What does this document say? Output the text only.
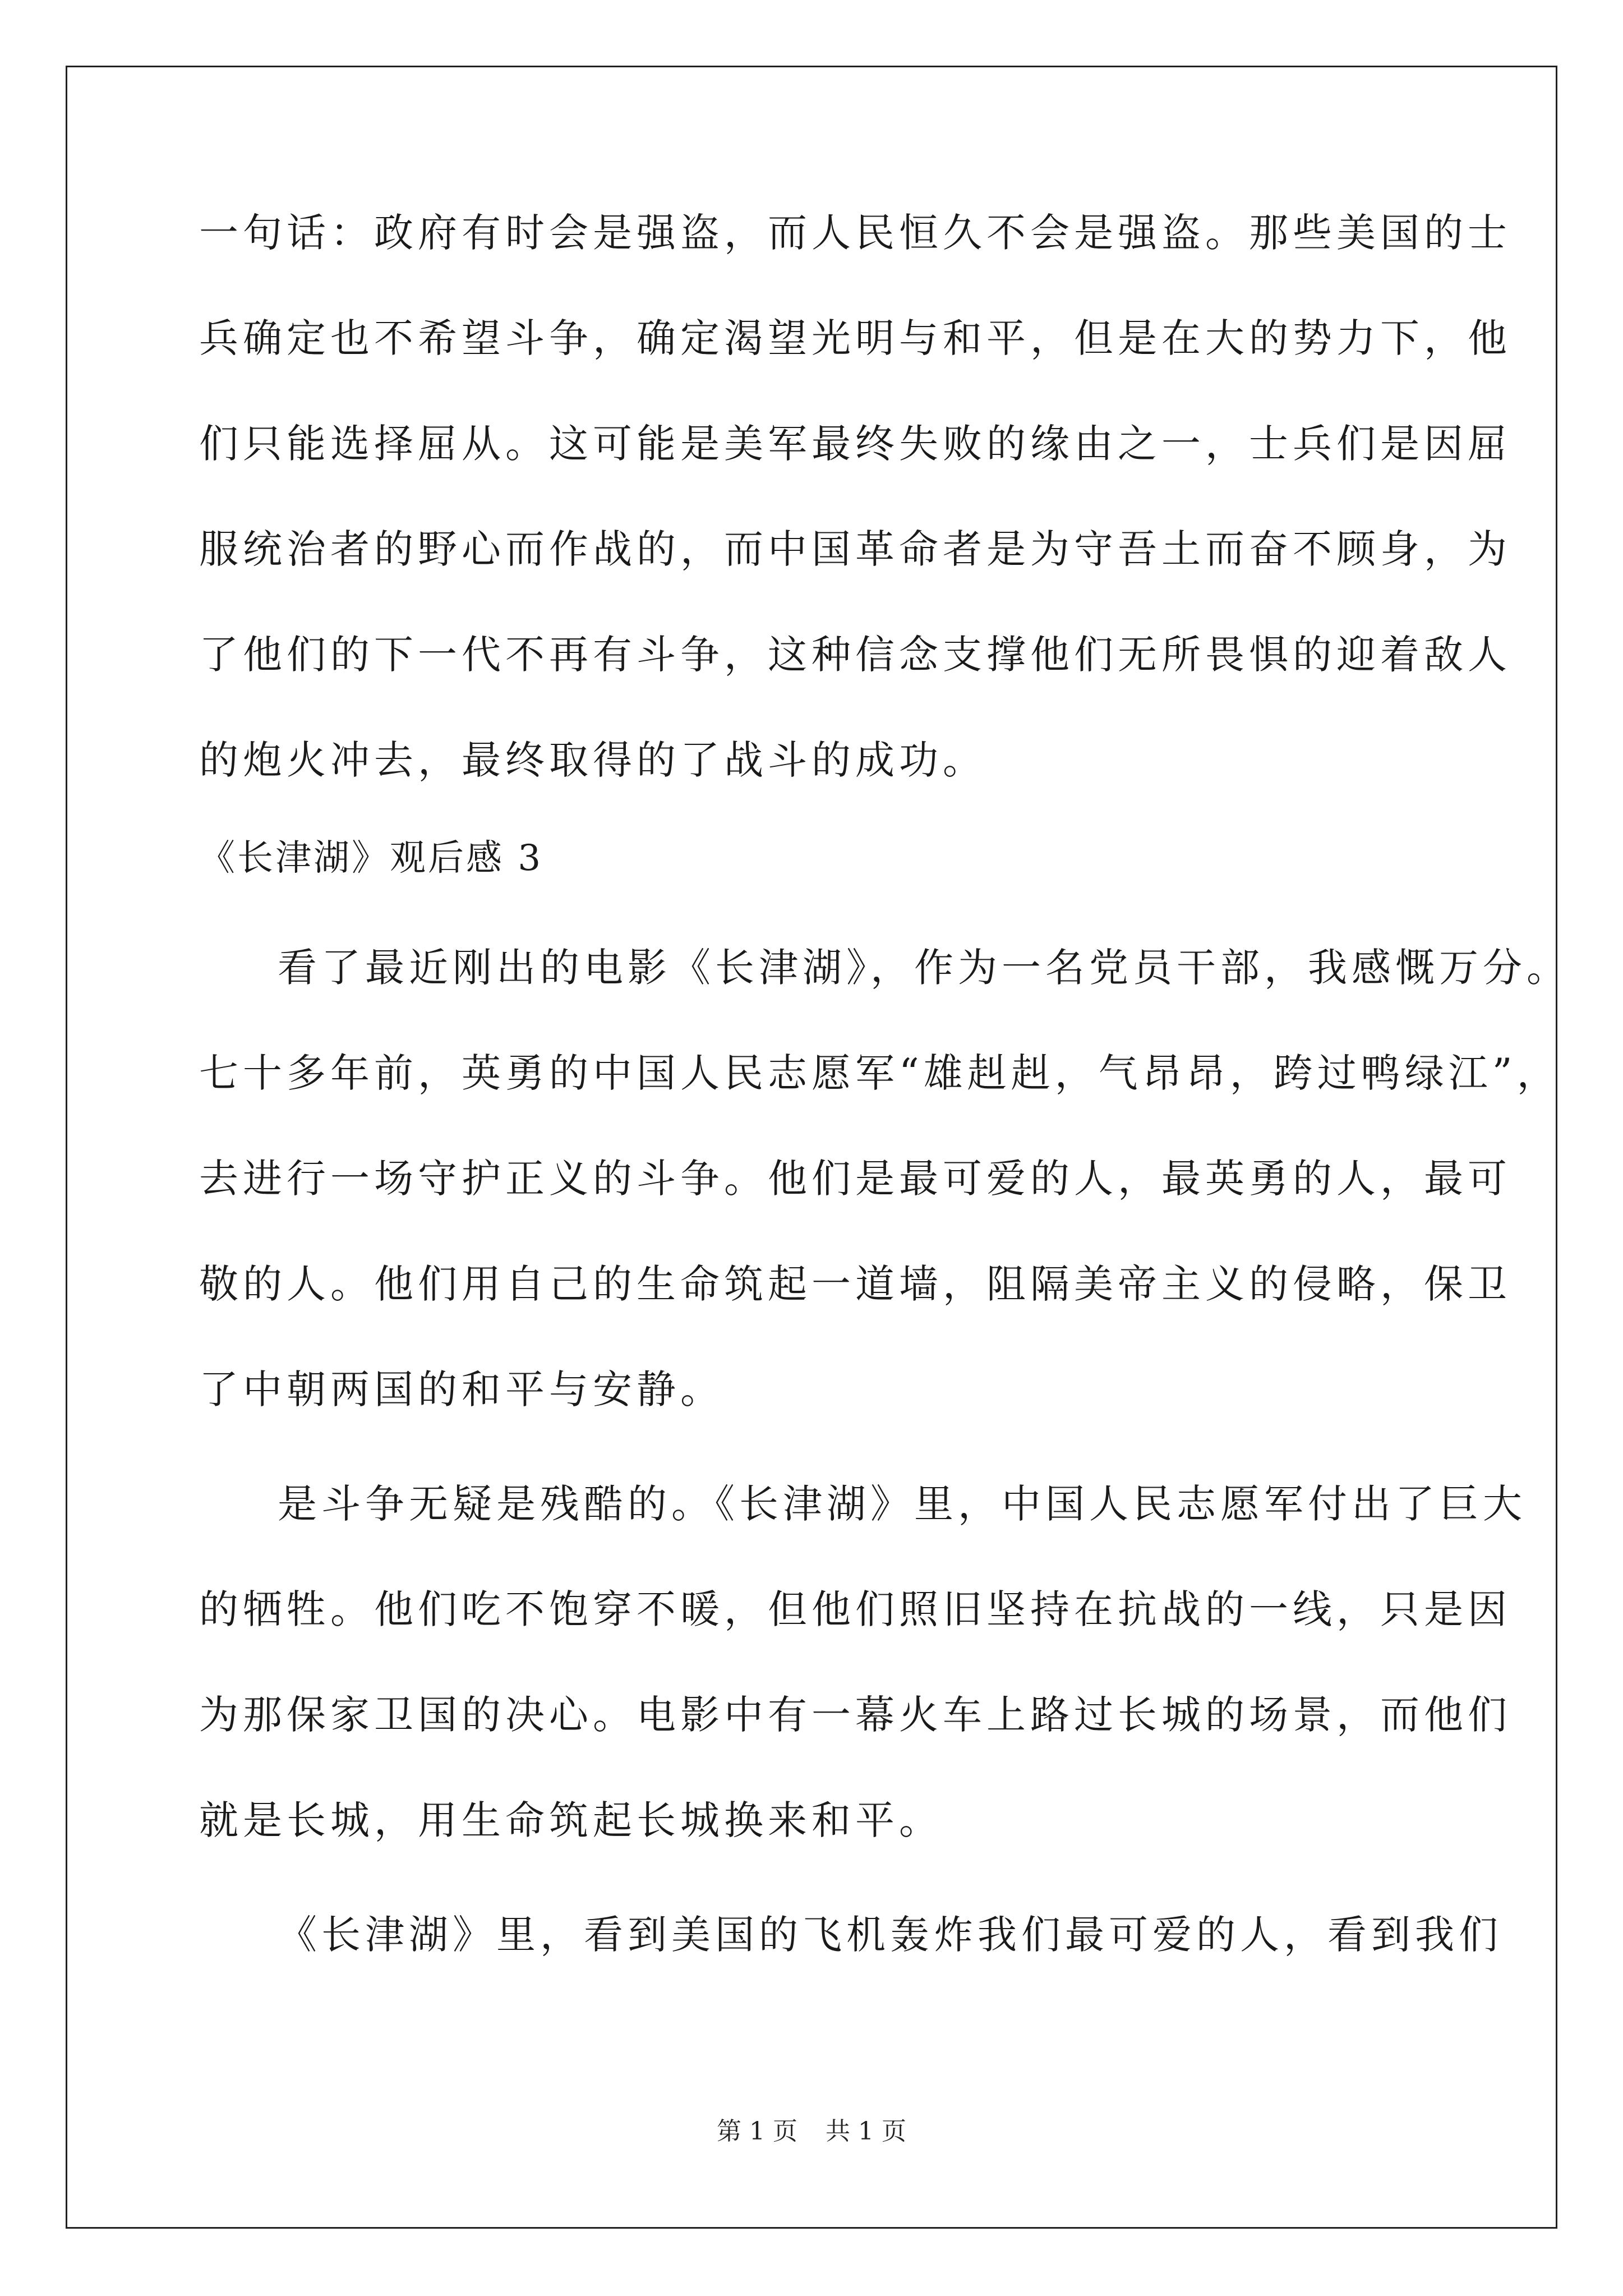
一句话：政府有时会是强盗，而人民恒久不会是强盗。那些美国的士
兵确定也不希望斗争，确定渴望光明与和平，但是在大的势力下，他
们只能选择屈从。这可能是美军最终失败的缘由之一，士兵们是因屈
服统治者的野心而作战的，而中国革命者是为守吾土而奋不顾身，为
了他们的下一代不再有斗争，这种信念支撑他们无所畏惧的迎着敌人
的炮火冲去，最终取得的了战斗的成功。
《长津湖》观后感 3
看了最近刚出的电影《长津湖》，作为一名党员干部，我感慨万分。
七十多年前，英勇的中国人民志愿军“雄赳赳，气昂昂，跨过鸭绿江”，
去进行一场守护正义的斗争。他们是最可爱的人，最英勇的人，最可
敬的人。他们用自己的生命筑起一道墙，阻隔美帝主义的侵略，保卫
了中朝两国的和平与安静。
是斗争无疑是残酷的。《长津湖》里，中国人民志愿军付出了巨大
的牺牲。他们吃不饱穿不暖，但他们照旧坚持在抗战的一线，只是因
为那保家卫国的决心。电影中有一幕火车上路过长城的场景，而他们
就是长城，用生命筑起长城换来和平。
《长津湖》里，看到美国的飞机轰炸我们最可爱的人，看到我们
第 1 页 共 1 页
